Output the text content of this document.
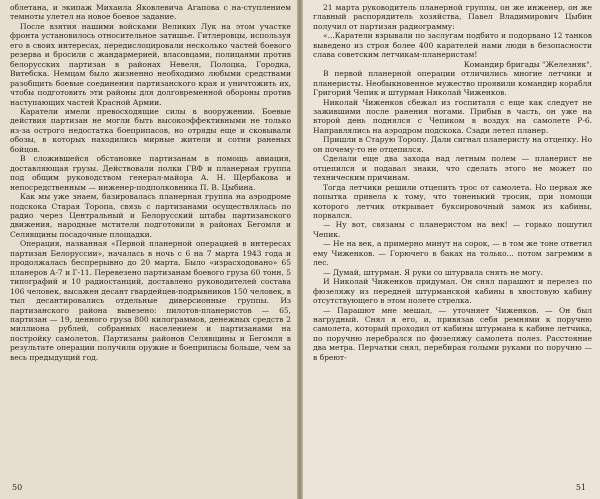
облетана, и экипаж Михаила Яковлевича Агапова с на-ступлением темноты улетел на новое боевое задание.

После взятия нашими войсками Великих Лук на этом участке фронта установилось относительное затишье. Гитлеровцы, используя его в своих интересах, передислоцировали несколько частей боевого резерва и бросили с жандармерией, власовцами, полицаями против белорусских партизан в районах Невеля, Полоцка, Городка, Витебска. Немцам было жизненно необходимо любыми средствами разобщить боевые соединения партизанского края и уничтожить их, чтобы подготовить эти районы для долговременной обороны против наступающих частей Красной Армии.

Каратели имели превосходящие силы в вооружении. Боевые действия партизан не могли быть высокоэффективными не только из-за острого недостатка боеприпасов, но отряды еще и сковывали обозы, в которых находились мирные жители и сотни раненых бойцов.

В сложившейся обстановке партизанам в помощь авиация, доставляющая грузы. Действовали полки ГВФ и планерная группа под общим руководством генерал-майора А. Н. Щербакова и непосредственным — инженер-подполковника П. В. Цыбина.

Как мы уже знаем, базировалась планерная группа на аэродроме подскока Старая Торопа, связь с партизанами осуществлялась по радио через Центральный и Белорусский штабы партизанского движения, народные мстители подготовили в районах Бегомля и Селявщины посадочные площадки.

Операция, названная «Первой планерной операцией в интересах партизан Белоруссии», началась в ночь с 6 на 7 марта 1943 года и продолжалась беспрерывно до 20 марта. Было «израсходовано» 65 планеров А-7 и Г-11. Перевезено партизанам боевого груза 60 тонн, 5 типографий и 10 радиостанций, доставлено руководителей состава 106 человек, высажен десант гвардейцев-подрывников 150 человек, в тыл десантировались отдельные диверсионные группы. Из партизанского района вывезено: пилотов-планеристов — 65, партизан — 19, ценного груза 800 килограммов, денежных средств 2 миллиона рублей, собранных населением и партизанами на постройку самолетов. Партизаны районов Селявщины и Бегомля в результате операции получили оружие и боеприпасы больше, чем за весь предыдущий год.

50

21 марта руководитель планерной группы, он же инженер, он же главный распорядитель хозяйства, Павел Владимирович Цыбин получил от партизан радиограмму:

«...Каратели взрывали по заслугам подбито и подорвано 12 танков выведено из строя более 400 карателей нами люди в безопасности слава советским летчикам-планеристам!

Командир бригады "Железняк".

В первой планерной операции отличились многие летчики и планеристы. Необыкновенное мужество проявили командир корабля Григорий Чепик и штурман Николай Чиженков.

Николай Чиженков сбежал из госпиталя с еще как следует не зажившими после ранения ногами. Прибыв в часть, он уже на второй день поднялся с Чепиком в воздух на самолете Р-6. Направлялись на аэродром подскока. Сзади летел планер.

Пришли в Старую Торопу. Дали сигнал планеристу на отцепку. Но он почему-то не отцепился.

Сделали еще два захода над летным полем — планерист не отцепился и подавал знаки, что сделать этого не может по техническим причинам.

Тогда летчики решили отцепить трос от самолета. Но первая же попытка привела к тому, что тоненький тросик, при помощи которого летчик открывает буксировочный замок из кабины, порвался.

— Ну вот, связаны с планеристом на век! — горько пошутил Чепик.

— Не на век, а примерно минут на сорок, — в том же тоне ответил ему Чиженков. — Горючего в баках на только... потом загремим в лес.

— Думай, штурман. Я руки со штурвала снять не могу.

И Николай Чиженков придумал. Он снял парашют и перелез по фюзеляжу из передней штурманской кабины в хвостовую кабину отсутствующего в этом полете стрелка.

— Парашют мне мешал, — уточняет Чиженков. — Он был нагрудный. Снял я его, и, привязав себя ремнями к поручню самолета, который проходил от кабины штурмана к кабине летчика, по поручню перебрался по фюзеляжу самолета полез. Расстояние два метра. Перчатки снял, перебирая голыми руками по поручню — в бреют-

51
